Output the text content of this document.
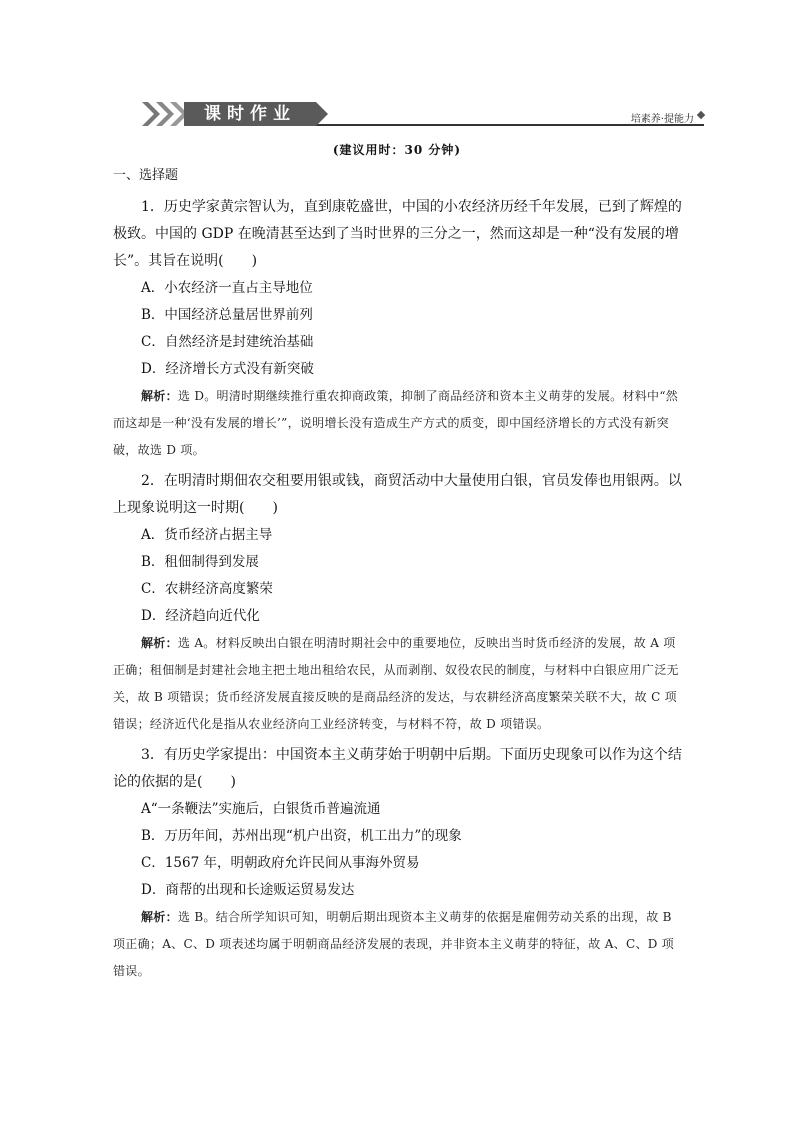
课时作业	培素养·提能力
(建议用时：30 分钟)
一、选择题

1．历史学家黄宗智认为，直到康乾盛世，中国的小农经济历经千年发展，已到了辉煌的极致。中国的 GDP 在晚清甚至达到了当时世界的三分之一，然而这却是一种“没有发展的增长”。其旨在说明(　　)

A．小农经济一直占主导地位

B．中国经济总量居世界前列

C．自然经济是封建统治基础

D．经济增长方式没有新突破

解析：选 D。明清时期继续推行重农抑商政策，抑制了商品经济和资本主义萌芽的发展。材料中“然而这却是一种‘没有发展的增长’”，说明增长没有造成生产方式的质变，即中国经济增长的方式没有新突破，故选 D 项。

2．在明清时期佃农交租要用银或钱，商贸活动中大量使用白银，官员发俸也用银两。以上现象说明这一时期(　　)

A．货币经济占据主导

B．租佃制得到发展

C．农耕经济高度繁荣

D．经济趋向近代化

解析：选 A。材料反映出白银在明清时期社会中的重要地位，反映出当时货币经济的发展，故 A 项正确；租佃制是封建社会地主把土地出租给农民，从而剥削、奴役农民的制度，与材料中白银应用广泛无关，故 B 项错误；货币经济发展直接反映的是商品经济的发达，与农耕经济高度繁荣关联不大，故 C 项错误；经济近代化是指从农业经济向工业经济转变，与材料不符，故 D 项错误。

3．有历史学家提出：中国资本主义萌芽始于明朝中后期。下面历史现象可以作为这个结论的依据的是(　　)

A“一条鞭法”实施后，白银货币普遍流通

B．万历年间，苏州出现“机户出资，机工出力”的现象

C．1567 年，明朝政府允许民间从事海外贸易

D．商帮的出现和长途贩运贸易发达

解析：选 B。结合所学知识可知，明朝后期出现资本主义萌芽的依据是雇佣劳动关系的出现，故 B 项正确；A、C、D 项表述均属于明朝商品经济发展的表现，并非资本主义萌芽的特征，故 A、C、D 项错误。
